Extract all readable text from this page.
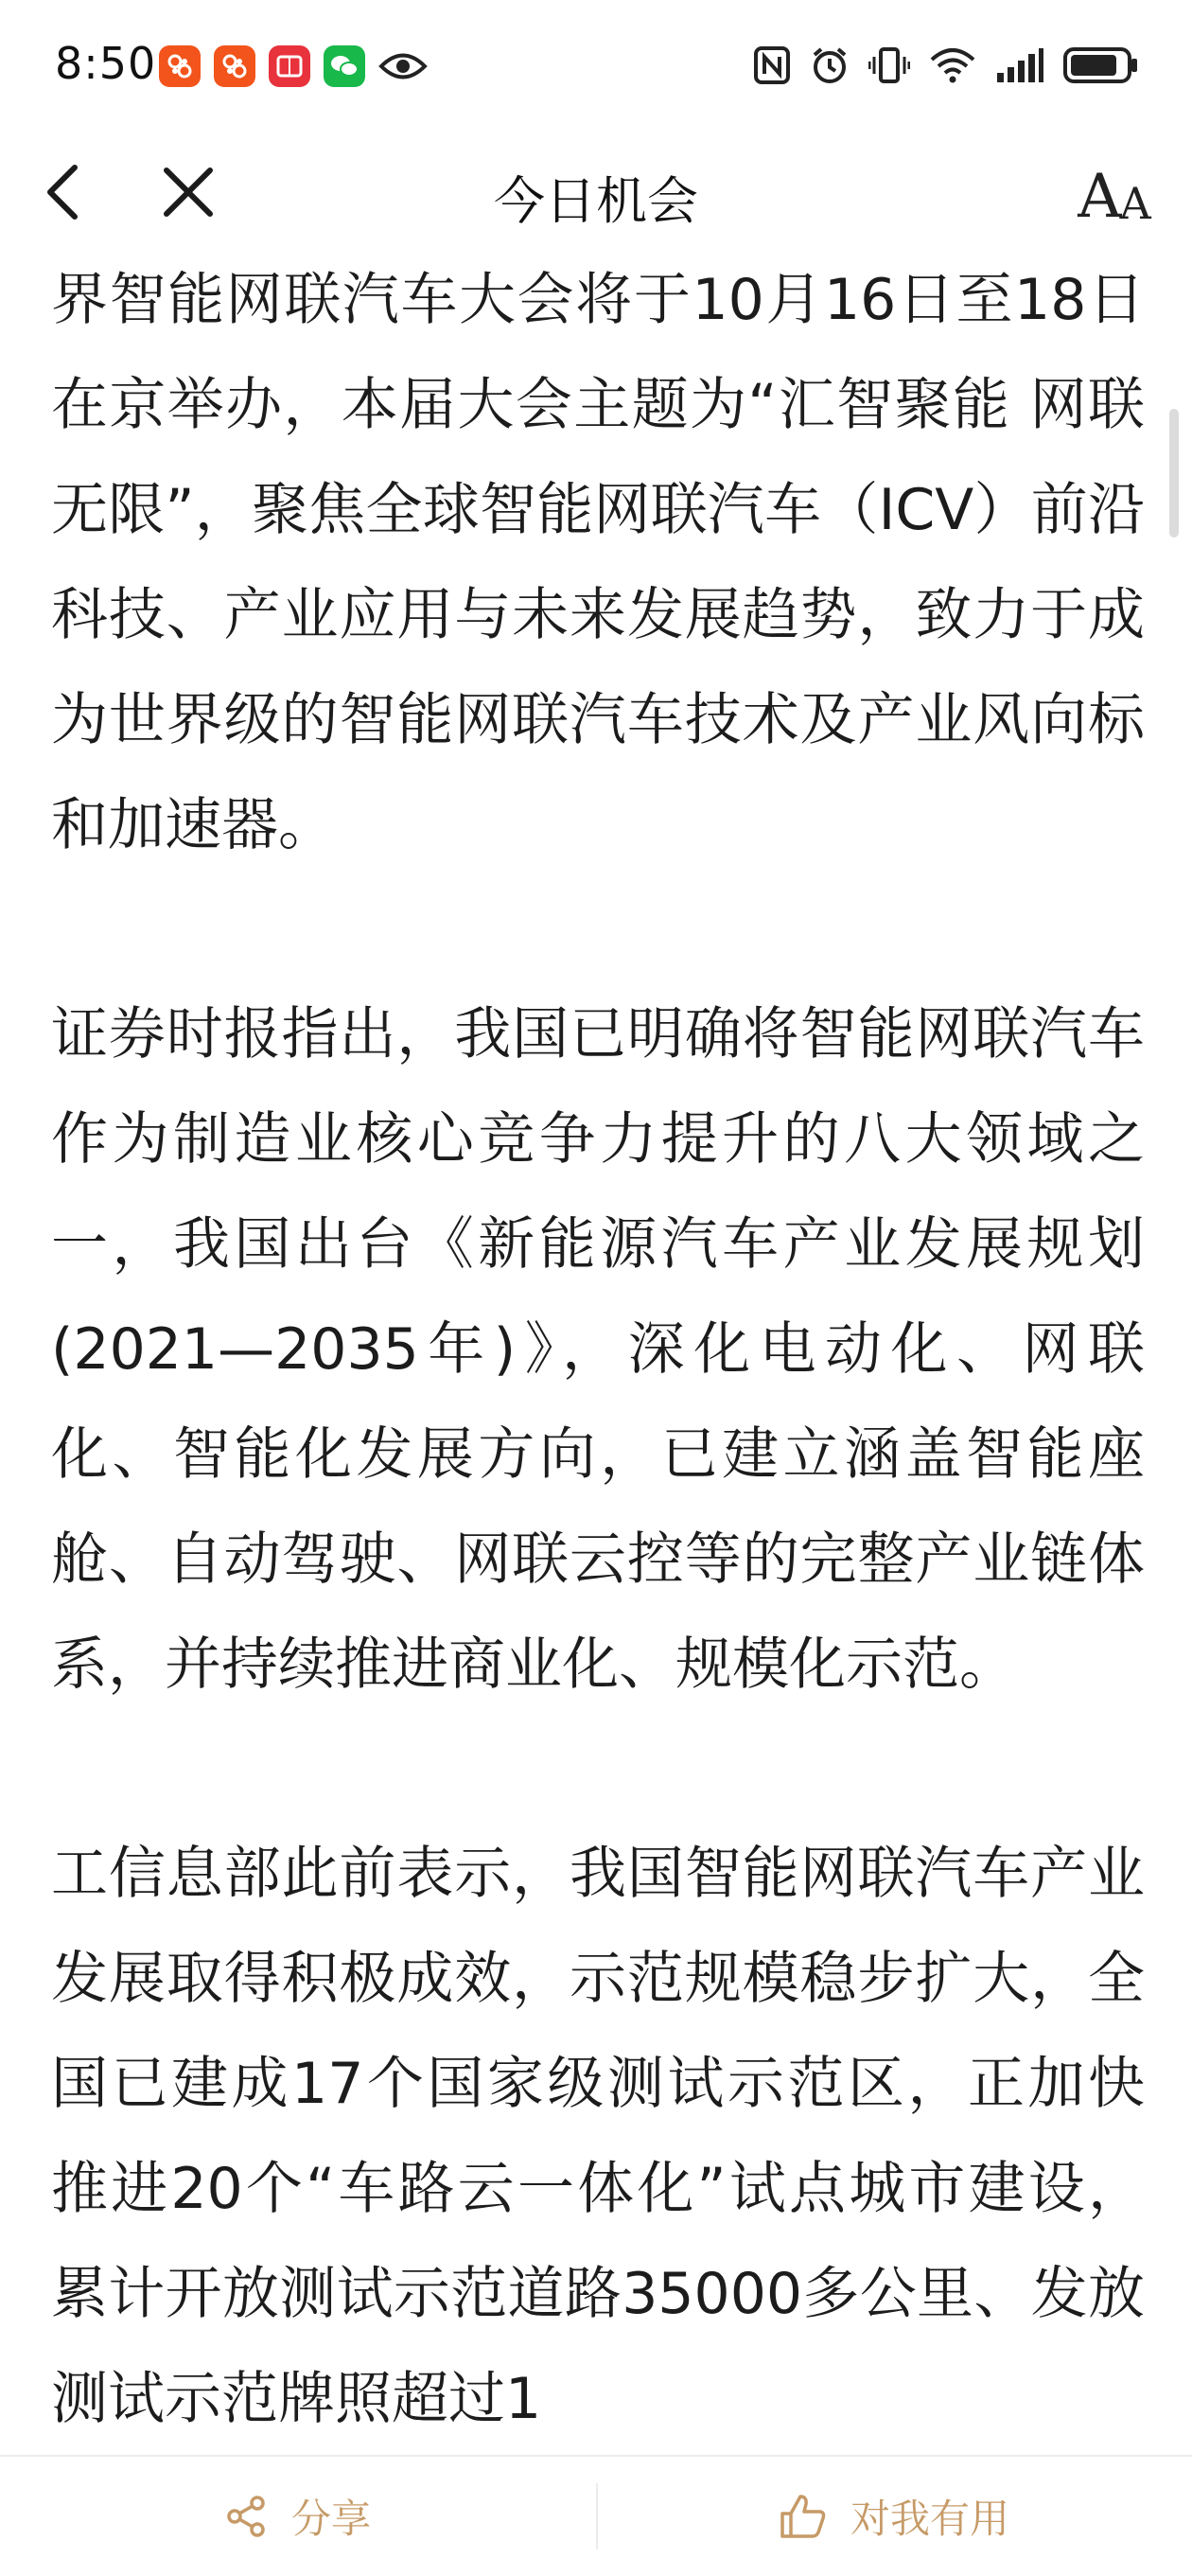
8:50
今日机会	A
A

界智能网联汽车大会将于10月16日至18日在京举办，本届大会主题为“汇智聚能 网联无限”，聚焦全球智能网联汽车（ICV）前沿科技、产业应用与未来发展趋势，致力于成为世界级的智能网联汽车技术及产业风向标和加速器。

证券时报指出，我国已明确将智能网联汽车作为制造业核心竞争力提升的八大领域之一，我国出台《新能源汽车产业发展规划(2021—2035年)》，深化电动化、网联化、智能化发展方向，已建立涵盖智能座舱、自动驾驶、网联云控等的完整产业链体系，并持续推进商业化、规模化示范。

工信息部此前表示，我国智能网联汽车产业发展取得积极成效，示范规模稳步扩大，全国已建成17个国家级测试示范区，正加快推进20个“车路云一体化”试点城市建设，累计开放测试示范道路35000多公里、发放测试示范牌照超过1

分享	对我有用
